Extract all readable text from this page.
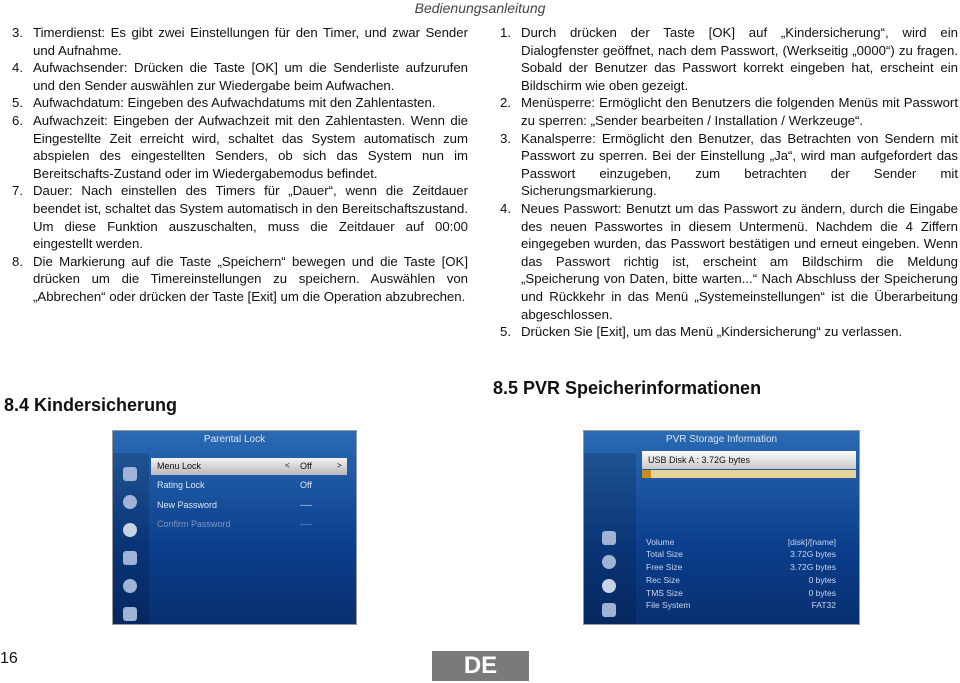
Bedienungsanleitung
3. Timerdienst: Es gibt zwei Einstellungen für den Timer, und zwar Sender und Aufnahme.
4. Aufwachsender: Drücken die Taste [OK] um die Senderliste aufzurufen und den Sender auswählen zur Wiedergabe beim Aufwachen.
5. Aufwachdatum: Eingeben des Aufwachdatums mit den Zahlentasten.
6. Aufwachzeit: Eingeben der Aufwachzeit mit den Zahlentasten. Wenn die Eingestellte Zeit erreicht wird, schaltet das System automatisch zum abspielen des eingestellten Senders, ob sich das System nun im Bereitschafts-Zustand oder im Wiedergabemodus befindet.
7. Dauer: Nach einstellen des Timers für „Dauer“, wenn die Zeitdauer beendet ist, schaltet das System automatisch in den Bereitschaftszustand. Um diese Funktion auszuschalten, muss die Zeitdauer auf 00:00 eingestellt werden.
8. Die Markierung auf die Taste „Speichern“ bewegen und die Taste [OK] drücken um die Timereinstellungen zu speichern. Auswählen von „Abbrechen“ oder drücken der Taste [Exit] um die Operation abzubrechen.
1. Durch drücken der Taste [OK] auf „Kindersicherung“, wird ein Dialogfenster geöffnet, nach dem Passwort, (Werkseitig „0000“) zu fragen. Sobald der Benutzer das Passwort korrekt eingeben hat, erscheint ein Bildschirm wie oben gezeigt.
2. Menüsperre: Ermöglicht den Benutzers die folgenden Menüs mit Passwort zu sperren: „Sender bearbeiten / Installation / Werkzeuge“.
3. Kanalsperre: Ermöglicht den Benutzer, das Betrachten von Sendern mit Passwort zu sperren. Bei der Einstellung „Ja“, wird man aufgefordert das Passwort einzugeben, zum betrachten der Sender mit Sicherungsmarkierung.
4. Neues Passwort: Benutzt um das Passwort zu ändern, durch die Eingabe des neuen Passwortes in diesem Untermenü. Nachdem die 4 Ziffern eingegeben wurden, das Passwort bestätigen und erneut eingeben. Wenn das Passwort richtig ist, erscheint am Bildschirm die Meldung „Speicherung von Daten, bitte warten...“ Nach Abschluss der Speicherung und Rückkehr in das Menü „Systemeinstellungen“ ist die Überarbeitung abgeschlossen.
5. Drücken Sie [Exit], um das Menü „Kindersicherung“ zu verlassen.
8.4 Kindersicherung
8.5 PVR Speicherinformationen
Parental Lock
Menu Lock	< Off	>
Rating Lock	Off
New Password	----
Confirm Password	----
PVR Storage Information
USB Disk A : 3.72G bytes
Volume	[disk]/[name]
Total Size	3.72G bytes
Free Size	3.72G bytes
Rec Size	0 bytes
TMS Size	0 bytes
File System	FAT32
16	DE
